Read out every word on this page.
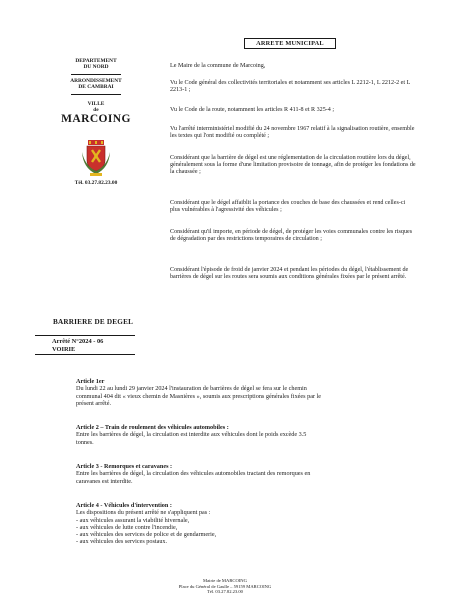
ARRETE MUNICIPAL
DEPARTEMENT
DU NORD
ARRONDISSEMENT
DE CAMBRAI
VILLE
de
MARCOING
Tél. 03.27.82.23.00
Le Maire de la commune de Marcoing,
Vu le Code général des collectivités territoriales et notamment ses articles L 2212-1, L 2212-2 et L 2213-1 ;
Vu le Code de la route, notamment les articles R 411-8 et R 325-4 ;
Vu l'arrêté interministériel modifié du 24 novembre 1967 relatif à la signalisation routière, ensemble les textes qui l'ont modifié ou complété ;
Considérant que la barrière de dégel est une réglementation de la circulation routière lors du dégel, généralement sous la forme d'une limitation provisoire de tonnage, afin de protéger les fondations de la chaussée ;
Considérant que le dégel affaiblit la portance des couches de base des chaussées et rend celles-ci plus vulnérables à l'agressivité des véhicules ;
Considérant qu'il importe, en période de dégel, de protéger les voies communales contre les risques de dégradation par des restrictions temporaires de circulation ;
Considérant l'épisode de froid de janvier 2024 et pendant les périodes du dégel, l'établissement de barrières de dégel sur les routes sera soumis aux conditions générales fixées par le présent arrêté.
BARRIERE DE DEGEL
Arrêté N°2024 - 06
VOIRIE
Article 1er
Du lundi 22 au lundi 29 janvier 2024 l'instauration de barrières de dégel se fera sur le chemin
communal 404 dit « vieux chemin de Masnières », soumis aux prescriptions générales fixées par le
présent arrêté.
Article 2 – Train de roulement des véhicules automobiles :
Entre les barrières de dégel, la circulation est interdite aux véhicules dont le poids excède 3.5
tonnes.
Article 3 - Remorques et caravanes :
Entre les barrières de dégel, la circulation des véhicules automobiles tractant des remorques en
caravanes est interdite.
Article 4 - Véhicules d'intervention :
Les dispositions du présent arrêté ne s'appliquent pas :
- aux véhicules assurant la viabilité hivernale,
- aux véhicules de lutte contre l'incendie,
- aux véhicules des services de police et de gendarmerie,
- aux véhicules des services postaux.
Mairie de MARCOING
Place du Général de Gaulle – 59159 MARCOING
Tél. 03.27.82.23.00
